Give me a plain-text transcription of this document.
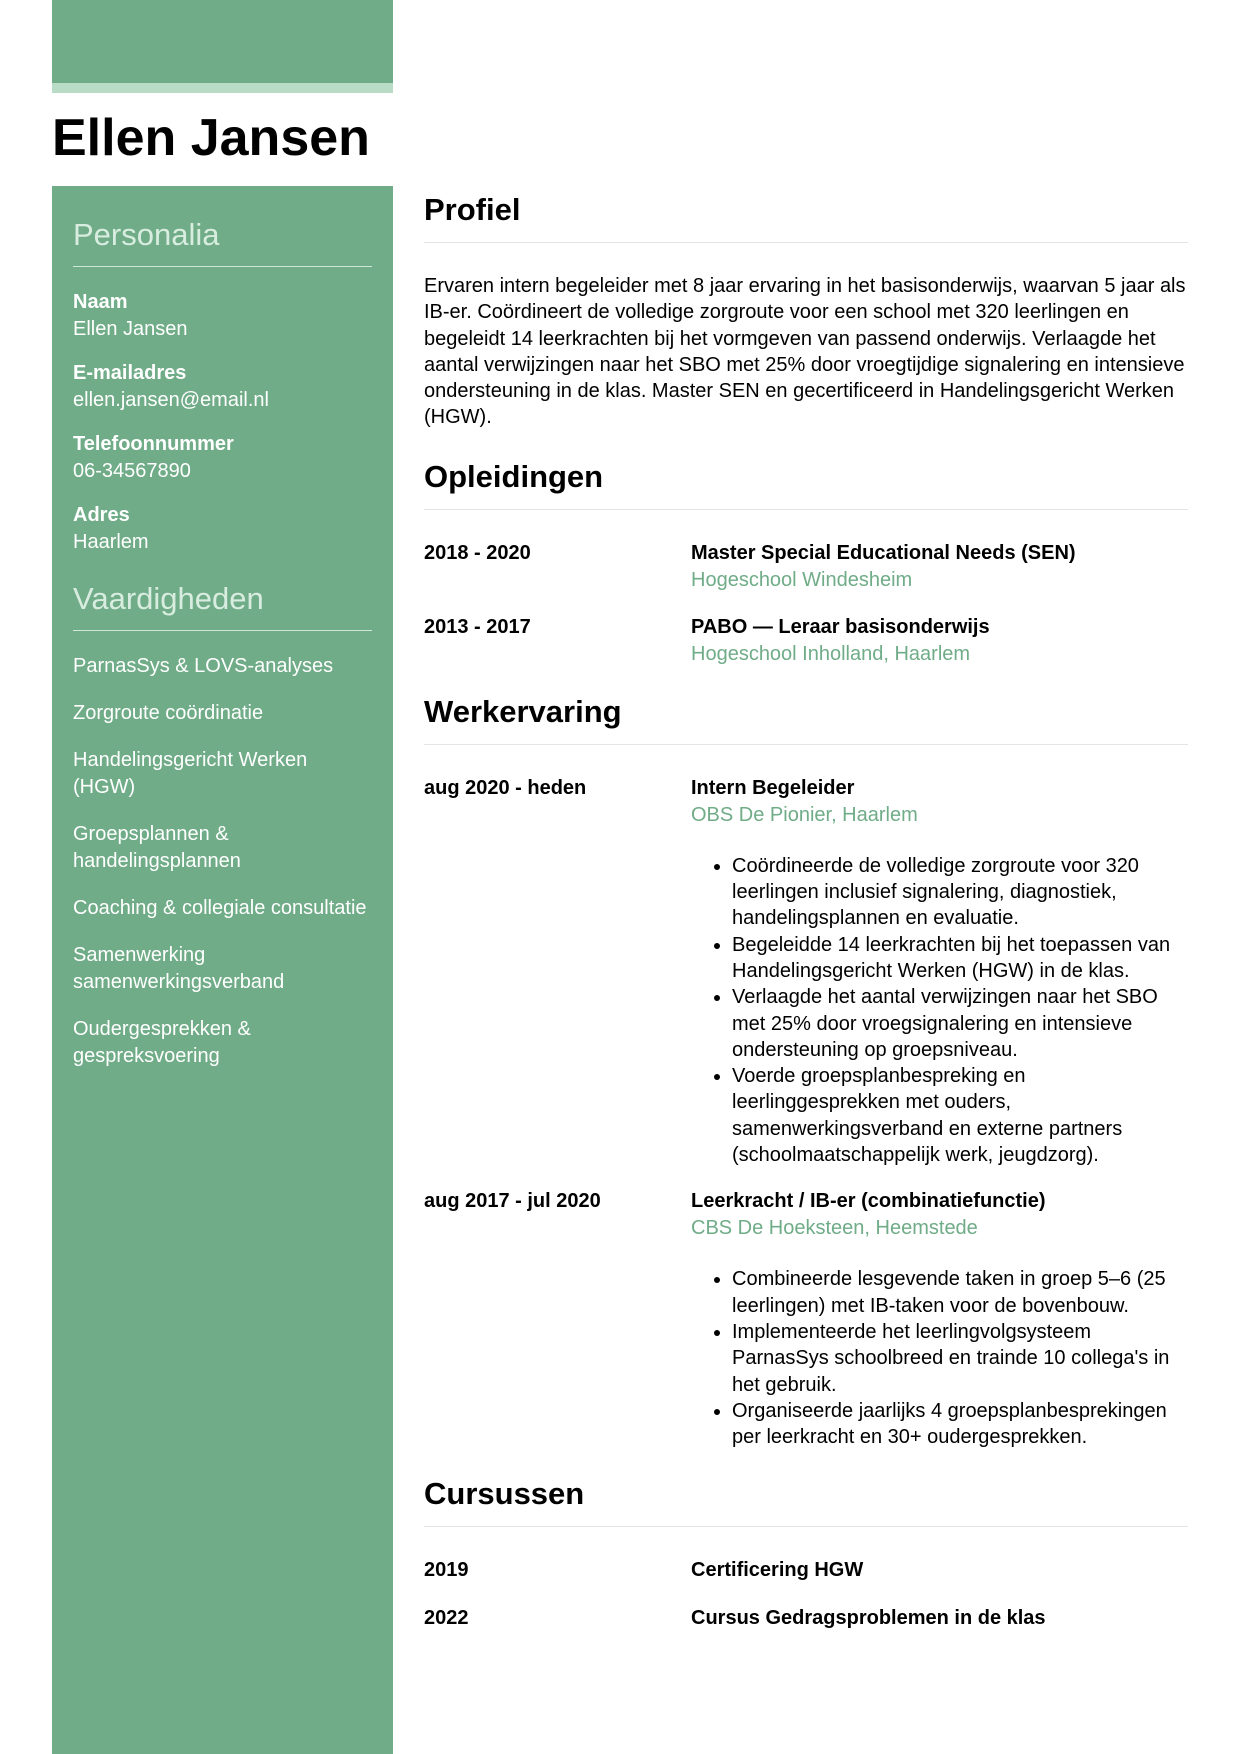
Ellen Jansen
Personalia
Naam
Ellen Jansen
E-mailadres
ellen.jansen@email.nl
Telefoonnummer
06-34567890
Adres
Haarlem
Vaardigheden
ParnasSys & LOVS-analyses
Zorgroute coördinatie
Handelingsgericht Werken (HGW)
Groepsplannen & handelingsplannen
Coaching & collegiale consultatie
Samenwerking samenwerkingsverband
Oudergesprekken & gespreksvoering
Profiel

Ervaren intern begeleider met 8 jaar ervaring in het basisonderwijs, waarvan 5 jaar als IB-er. Coördineert de volledige zorgroute voor een school met 320 leerlingen en begeleidt 14 leerkrachten bij het vormgeven van passend onderwijs. Verlaagde het aantal verwijzingen naar het SBO met 25% door vroegtijdige signalering en intensieve ondersteuning in de klas. Master SEN en gecertificeerd in Handelingsgericht Werken (HGW).

Opleidingen
2018 - 2020	Master Special Educational Needs (SEN)
Hogeschool Windesheim
2013 - 2017	PABO — Leraar basisonderwijs
Hogeschool Inholland, Haarlem
Werkervaring
aug 2020 - heden	Intern Begeleider
OBS De Pionier, Haarlem
• Coördineerde de volledige zorgroute voor 320 leerlingen inclusief signalering, diagnostiek, handelingsplannen en evaluatie.
• Begeleidde 14 leerkrachten bij het toepassen van Handelingsgericht Werken (HGW) in de klas.
• Verlaagde het aantal verwijzingen naar het SBO met 25% door vroegsignalering en intensieve ondersteuning op groepsniveau.
• Voerde groepsplanbespreking en leerlinggesprekken met ouders, samenwerkingsverband en externe partners (schoolmaatschappelijk werk, jeugdzorg).
aug 2017 - jul 2020	Leerkracht / IB-er (combinatiefunctie)
CBS De Hoeksteen, Heemstede
• Combineerde lesgevende taken in groep 5–6 (25 leerlingen) met IB-taken voor de bovenbouw.
• Implementeerde het leerlingvolgsysteem ParnasSys schoolbreed en trainde 10 collega's in het gebruik.
• Organiseerde jaarlijks 4 groepsplanbesprekingen per leerkracht en 30+ oudergesprekken.
Cursussen
2019	Certificering HGW
2022	Cursus Gedragsproblemen in de klas
